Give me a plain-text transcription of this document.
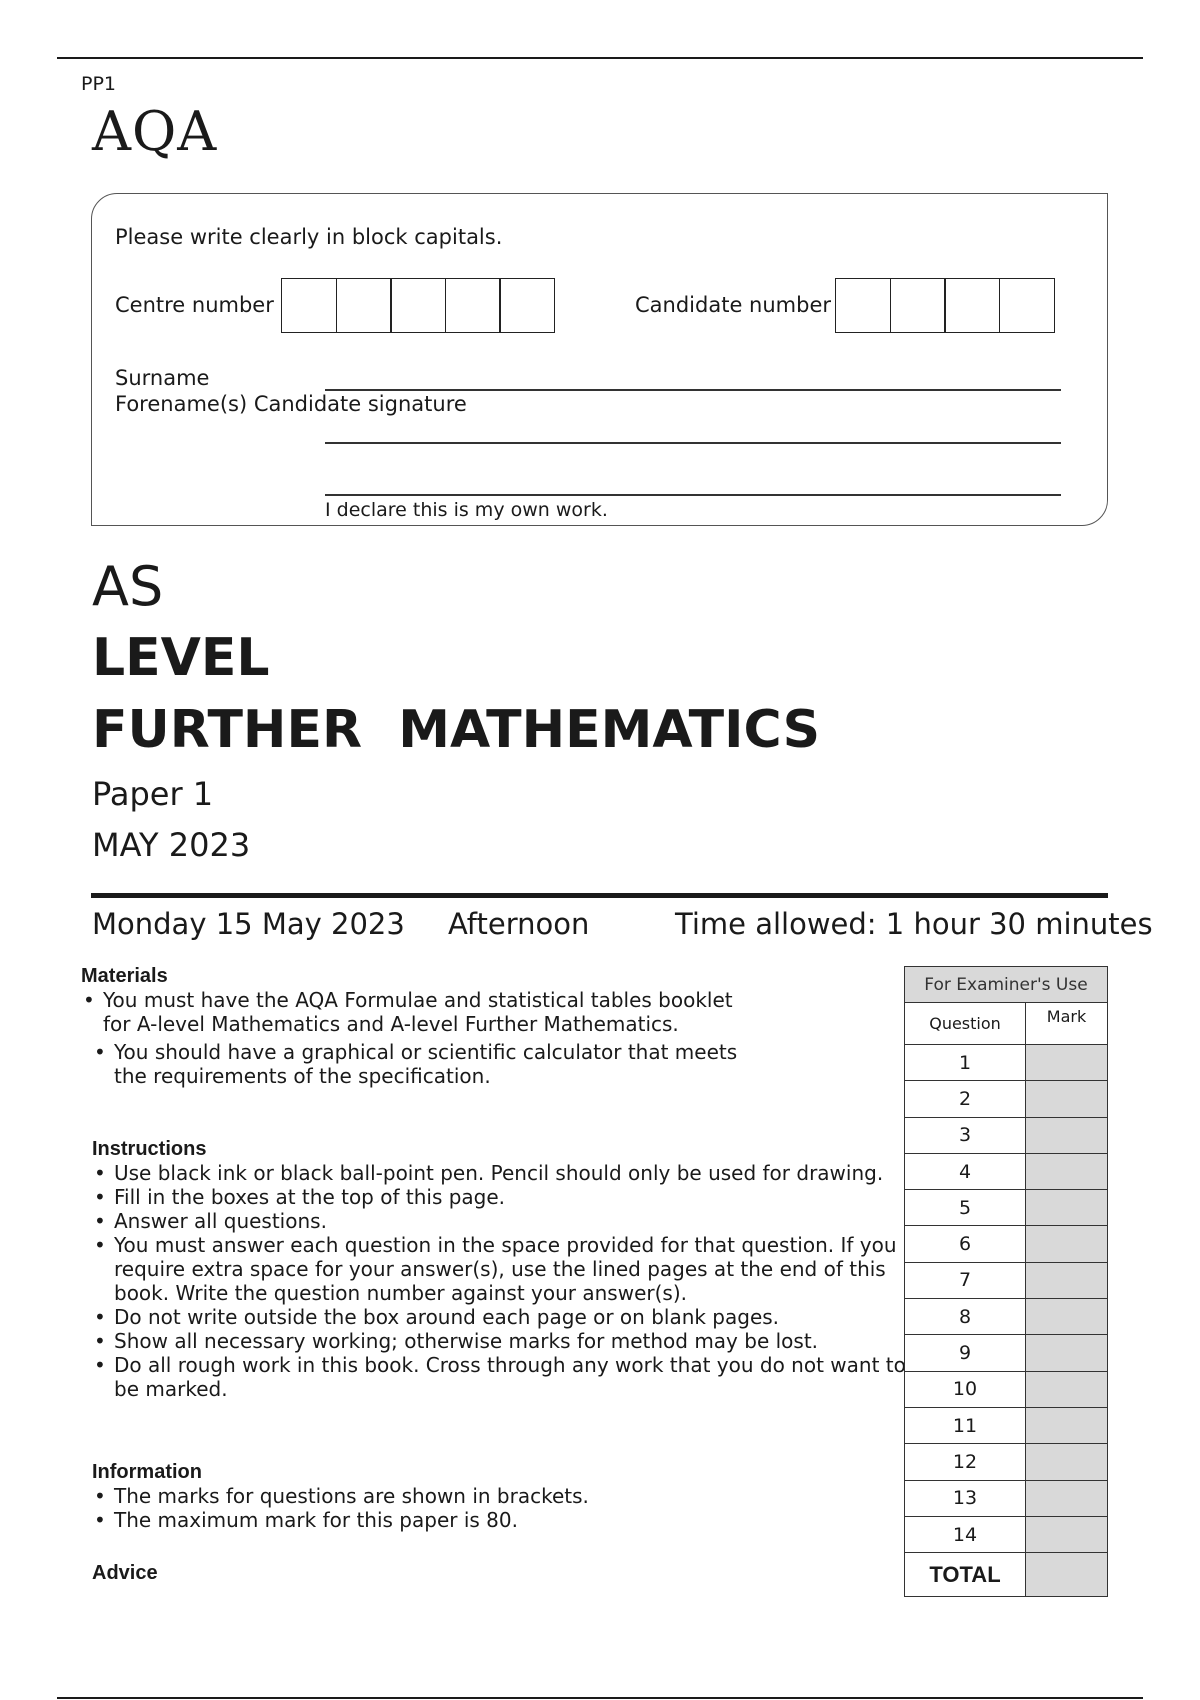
PP1
AQA
Please write clearly in block capitals.
Centre number	Candidate number
Surname
Forename(s) Candidate signature
I declare this is my own work.
AS
LEVEL
FURTHER  MATHEMATICS
Paper 1
MAY 2023
Monday 15 May 2023 Afternoon	Time allowed: 1 hour 30 minutes
Materials
• You must have the AQA Formulae and statistical tables booklet for A-level Mathematics and A-level Further Mathematics.
• You should have a graphical or scientific calculator that meets the requirements of the specification.
Instructions
• Use black ink or black ball-point pen. Pencil should only be used for drawing.
• Fill in the boxes at the top of this page.
• Answer all questions.
• You must answer each question in the space provided for that question. If you require extra space for your answer(s), use the lined pages at the end of this book. Write the question number against your answer(s).
• Do not write outside the box around each page or on blank pages.
• Show all necessary working; otherwise marks for method may be lost.
• Do all rough work in this book. Cross through any work that you do not want to be marked.
Information
• The marks for questions are shown in brackets.
• The maximum mark for this paper is 80.
Advice
For Examiner's Use	
Question	Mark
1	
2	
3	
4	
5	
6	
7	
8	
9	
10	
11	
12	
13	
14	
TOTAL	
